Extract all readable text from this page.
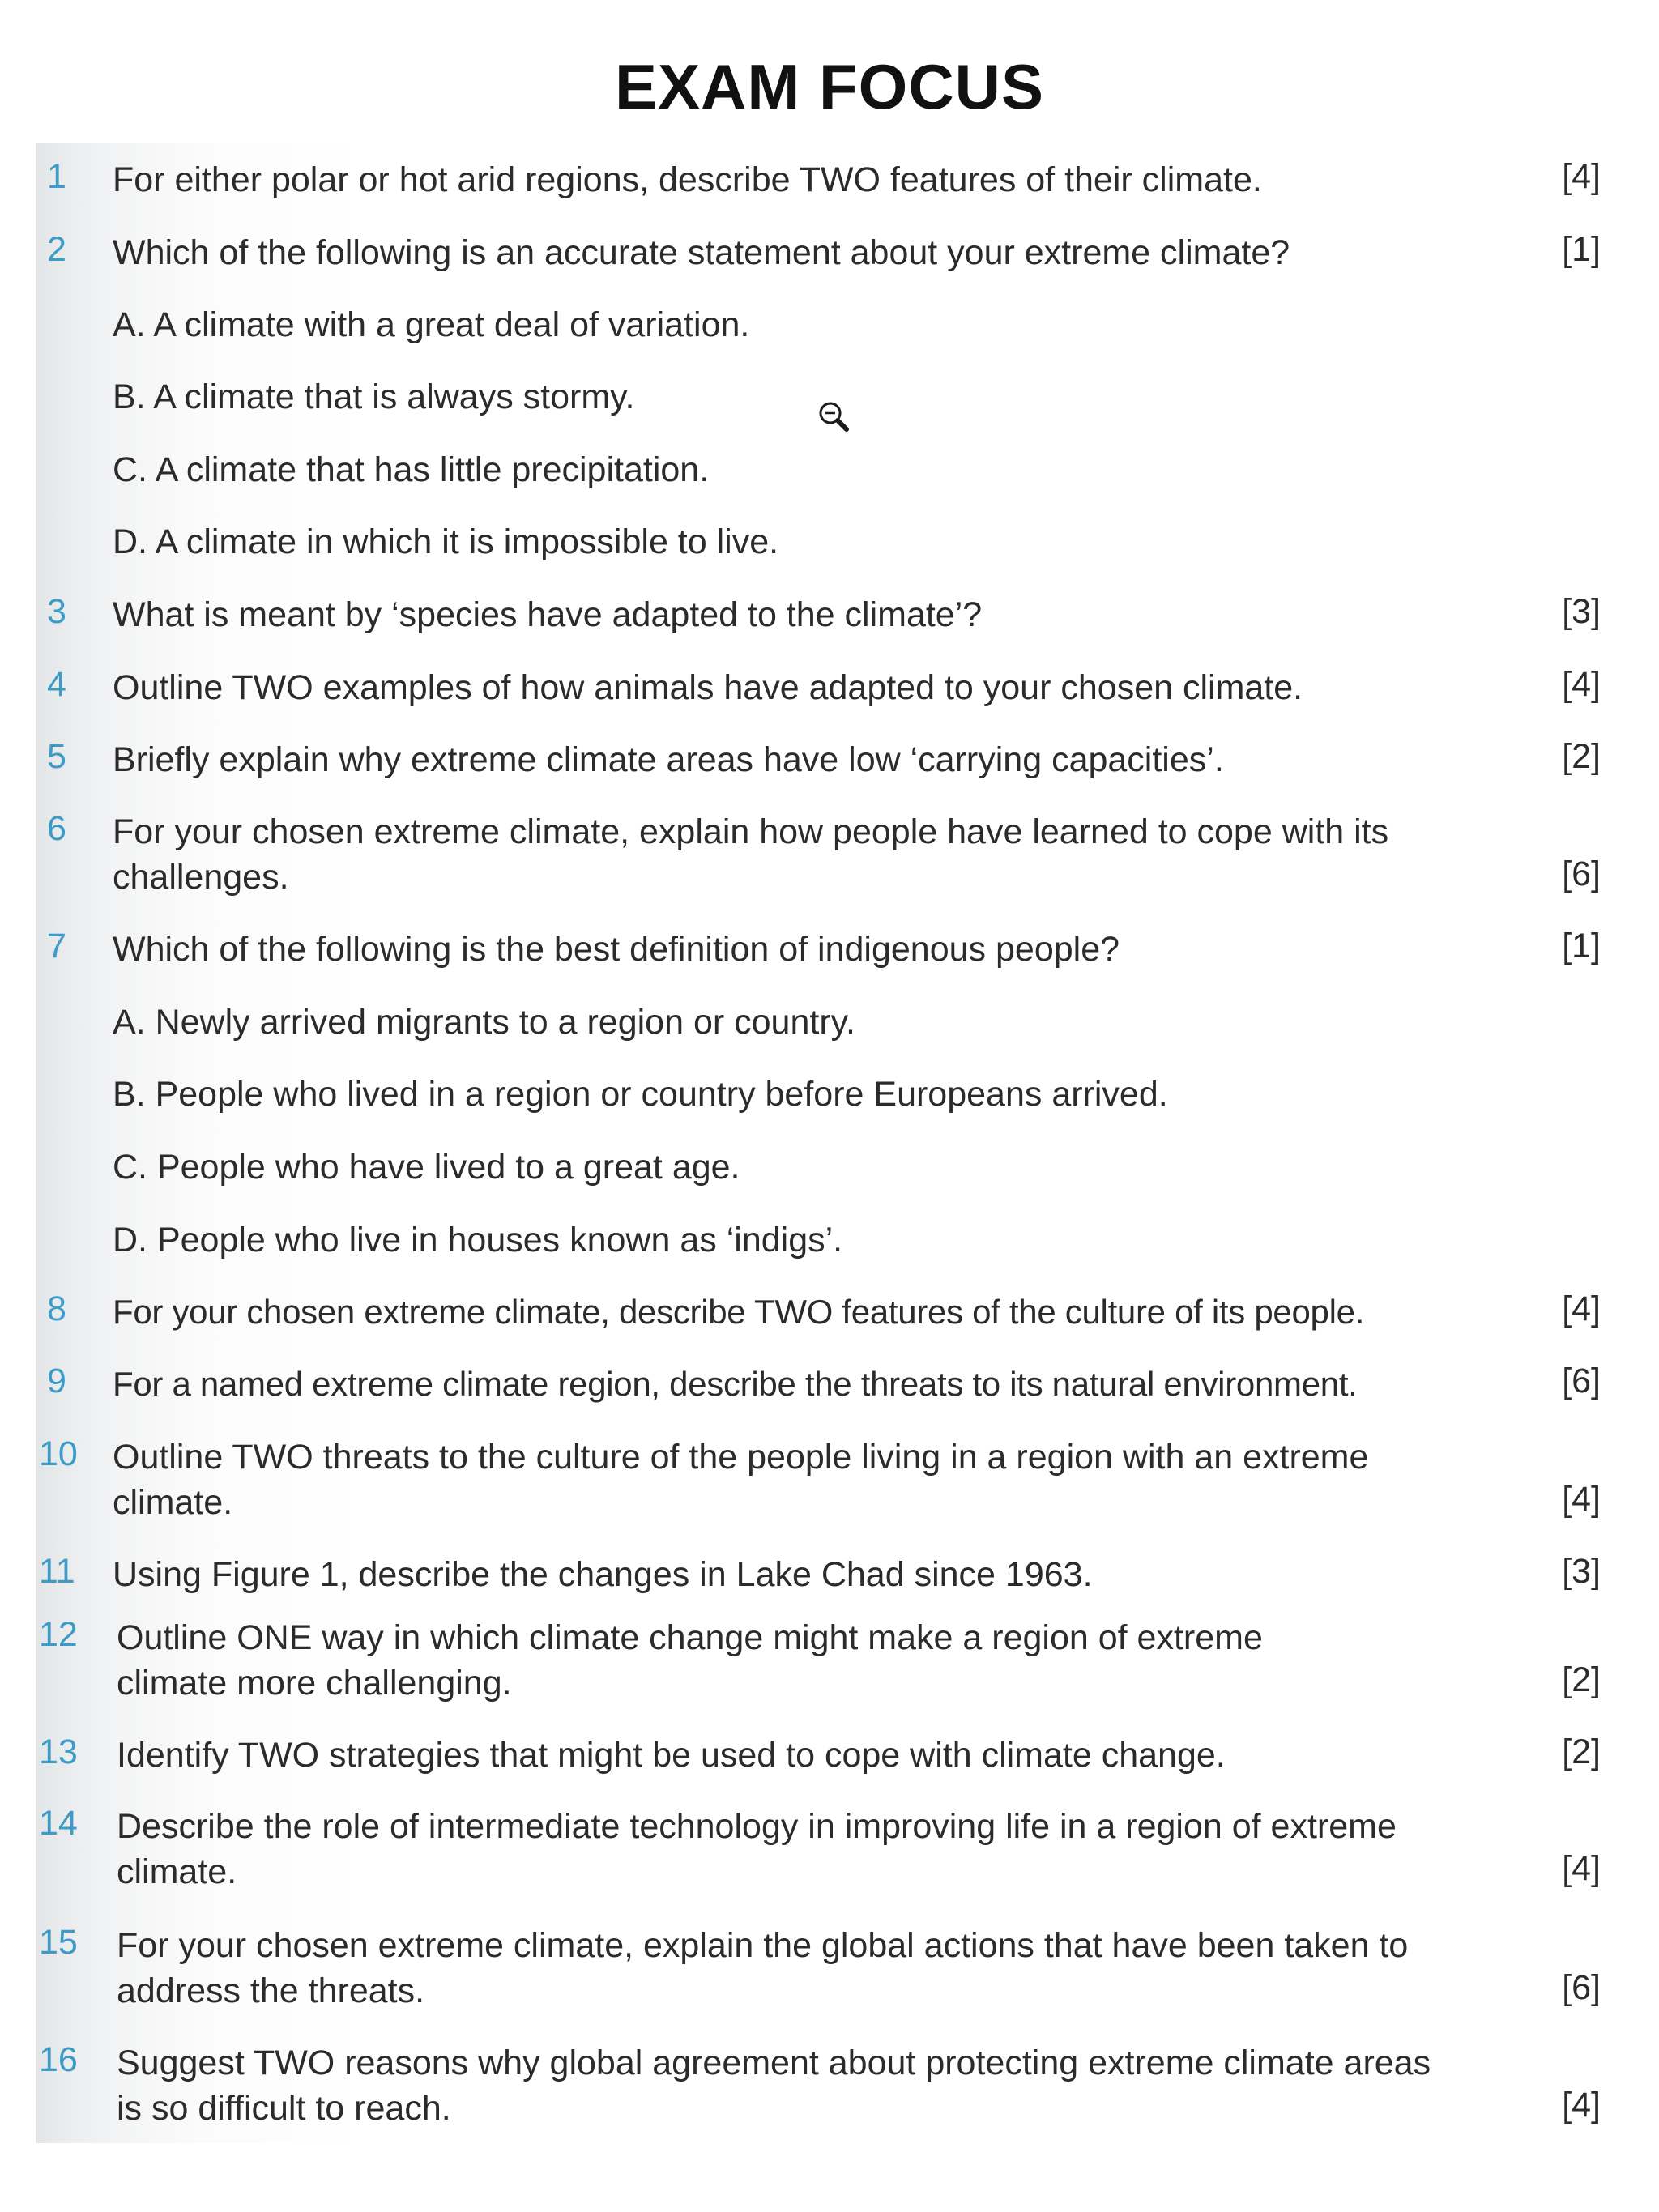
EXAM FOCUS
1	For either polar or hot arid regions, describe TWO features of their climate.	[4]
2	Which of the following is an accurate statement about your extreme climate?	[1]
A. A climate with a great deal of variation.
B. A climate that is always stormy.
C. A climate that has little precipitation.
D. A climate in which it is impossible to live.
3	What is meant by ‘species have adapted to the climate’?	[3]
4	Outline TWO examples of how animals have adapted to your chosen climate.	[4]
5	Briefly explain why extreme climate areas have low ‘carrying capacities’.	[2]
6	For your chosen extreme climate, explain how people have learned to cope with its challenges.	[6]
7	Which of the following is the best definition of indigenous people?	[1]
A. Newly arrived migrants to a region or country.
B. People who lived in a region or country before Europeans arrived.
C. People who have lived to a great age.
D. People who live in houses known as ‘indigs’.
8	For your chosen extreme climate, describe TWO features of the culture of its people.	[4]
9	For a named extreme climate region, describe the threats to its natural environment.	[6]
10	Outline TWO threats to the culture of the people living in a region with an extreme climate.	[4]
11	Using Figure 1, describe the changes in Lake Chad since 1963.	[3]
12	Outline ONE way in which climate change might make a region of extreme climate more challenging.	[2]
13	Identify TWO strategies that might be used to cope with climate change.	[2]
14	Describe the role of intermediate technology in improving life in a region of extreme climate.	[4]
15	For your chosen extreme climate, explain the global actions that have been taken to address the threats.	[6]
16	Suggest TWO reasons why global agreement about protecting extreme climate areas is so difficult to reach.	[4]
